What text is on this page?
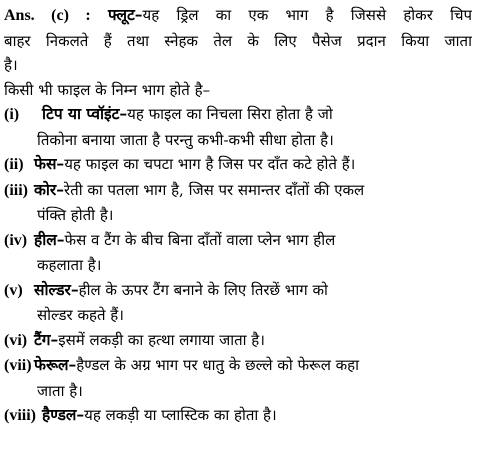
Ans. (c) : फ्लूट–यह ड्रिल का एक भाग है जिससे होकर चिप
बाहर निकलते हैं तथा स्नेहक तेल के लिए पैसेज प्रदान किया जाता
है।
किसी भी फाइल के निम्न भाग होते है–
(i) टिप या प्वॉइंट–यह फाइल का निचला सिरा होता है जो
तिकोना बनाया जाता है परन्तु कभी-कभी सीधा होता है।
(ii) फेस–यह फाइल का चपटा भाग है जिस पर दाँत कटे होते हैं।
(iii) कोर–रेती का पतला भाग है, जिस पर समान्तर दाँतों की एकल
पंक्ति होती है।
(iv) हील–फेस व टैंग के बीच बिना दाँतों वाला प्लेन भाग हील
कहलाता है।
(v) सोल्डर–हील के ऊपर टैंग बनाने के लिए तिरछें भाग को
सोल्डर कहते हैं।
(vi) टैंग–इसमें लकड़ी का हत्था लगाया जाता है।
(vii) फेरूल–हैण्डल के अग्र भाग पर धातु के छल्ले को फेरूल कहा
जाता है।
(viii) हैण्डल–यह लकड़ी या प्लास्टिक का होता है।
